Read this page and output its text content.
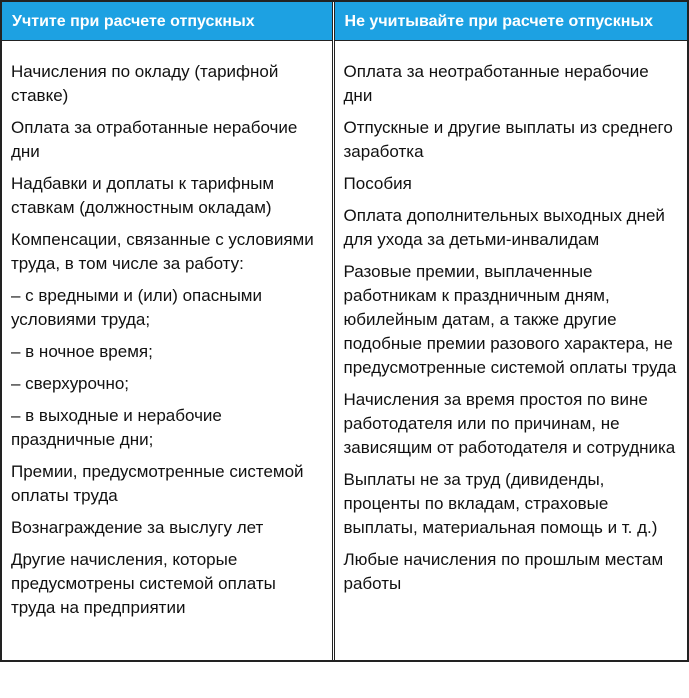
Учтите при расчете отпускных
Начисления по окладу (тарифной ставке)
Оплата за отработанные нерабочие дни
Надбавки и доплаты к тарифным ставкам (должностным окладам)
Компенсации, связанные с условиями труда, в том числе за работу:
– с вредными и (или) опасными условиями труда;
– в ночное время;
– сверхурочно;
– в выходные и нерабочие праздничные дни;
Премии, предусмотренные системой оплаты труда
Вознаграждение за выслугу лет
Другие начисления, которые предусмотрены системой оплаты труда на предприятии
Не учитывайте при расчете отпускных
Оплата за неотработанные нерабочие дни
Отпускные и другие выплаты из среднего заработка
Пособия
Оплата дополнительных выходных дней для ухода за детьми-инвалидам
Разовые премии, выплаченные работникам к праздничным дням, юбилейным датам, а также другие подобные премии разового характера, не предусмотренные системой оплаты труда
Начисления за время простоя по вине работодателя или по причинам, не зависящим от работодателя и сотрудника
Выплаты не за труд (дивиденды, проценты по вкладам, страховые выплаты, материальная помощь и т. д.)
Любые начисления по прошлым местам работы
